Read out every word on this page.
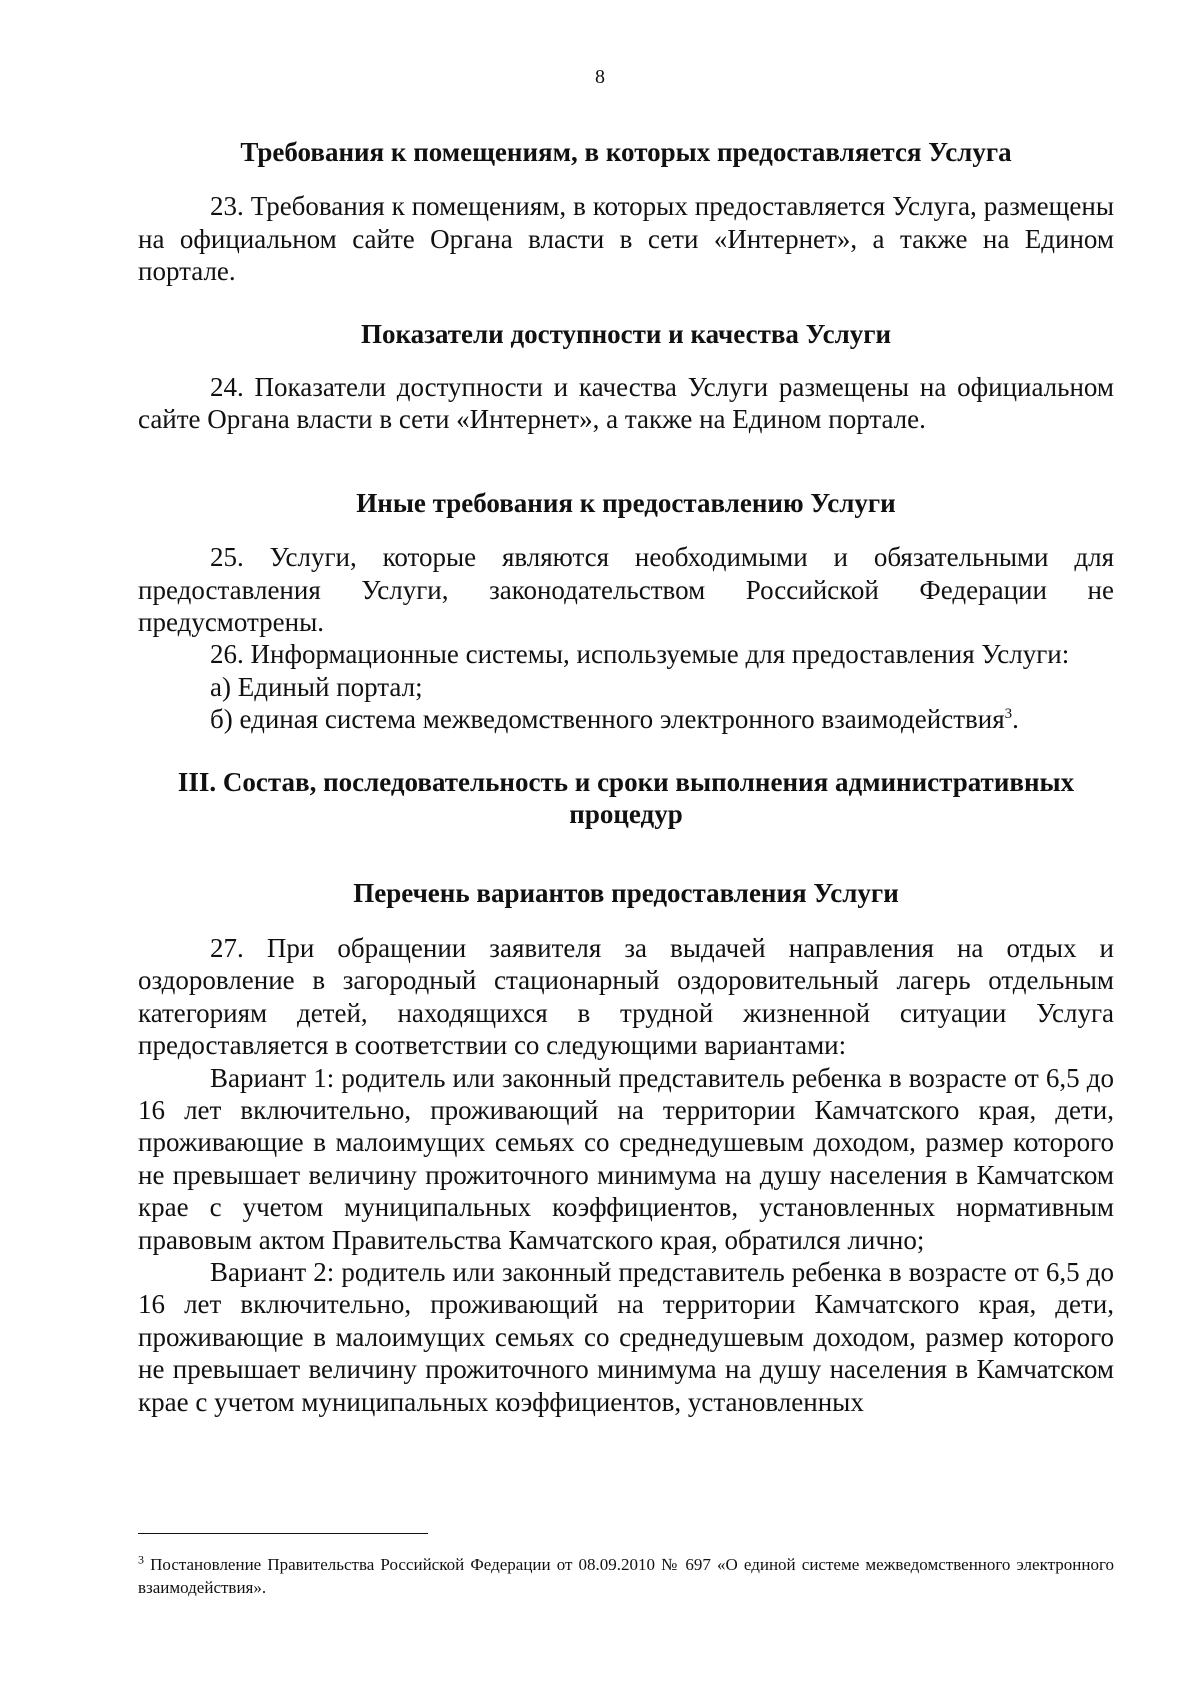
8

Требования к помещениям, в которых предоставляется Услуга

23. Требования к помещениям, в которых предоставляется Услуга, размещены на официальном сайте Органа власти в сети «Интернет», а также на Едином портале.

Показатели доступности и качества Услуги

24. Показатели доступности и качества Услуги размещены на официальном сайте Органа власти в сети «Интернет», а также на Едином портале.

Иные требования к предоставлению Услуги

25. Услуги, которые являются необходимыми и обязательными для предоставления Услуги, законодательством Российской Федерации не предусмотрены.

26. Информационные системы, используемые для предоставления Услуги:

а) Единый портал;

б) единая система межведомственного электронного взаимодействия$^3$.

III. Состав, последовательность и сроки выполнения административных процедур

Перечень вариантов предоставления Услуги

27. При обращении заявителя за выдачей направления на отдых и оздоровление в загородный стационарный оздоровительный лагерь отдельным категориям детей, находящихся в трудной жизненной ситуации Услуга предоставляется в соответствии со следующими вариантами:

Вариант 1: родитель или законный представитель ребенка в возрасте от 6,5 до 16 лет включительно, проживающий на территории Камчатского края, дети, проживающие в малоимущих семьях со среднедушевым доходом, размер которого не превышает величину прожиточного минимума на душу населения в Камчатском крае с учетом муниципальных коэффициентов, установленных нормативным правовым актом Правительства Камчатского края, обратился лично;

Вариант 2: родитель или законный представитель ребенка в возрасте от 6,5 до 16 лет включительно, проживающий на территории Камчатского края, дети, проживающие в малоимущих семьях со среднедушевым доходом, размер которого не превышает величину прожиточного минимума на душу населения в Камчатском крае с учетом муниципальных коэффициентов, установленных

$^3$ Постановление Правительства Российской Федерации от 08.09.2010 № 697 «О единой системе межведомственного электронного взаимодействия».
